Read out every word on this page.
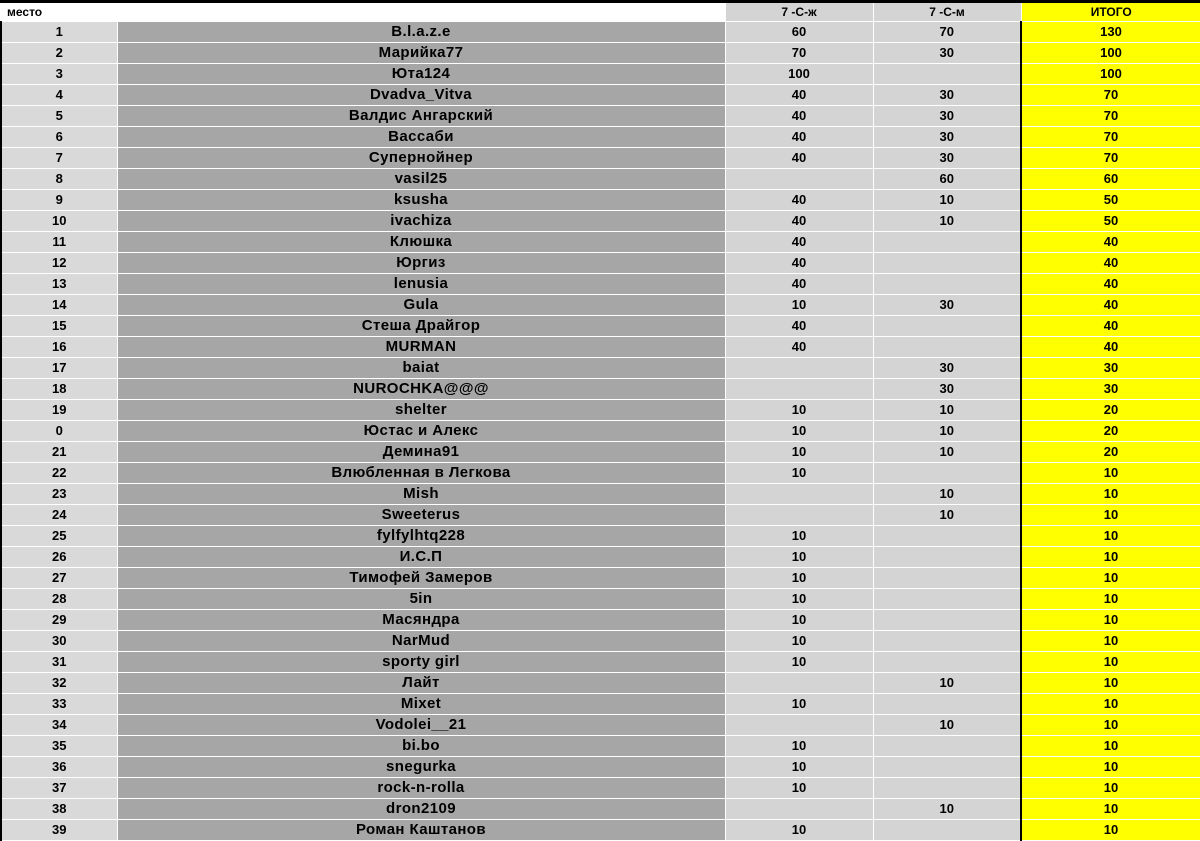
место		7 -С-ж	7 -С-м	ИТОГО
1	B.l.a.z.e	60	70	130
2	Марийка77	70	30	100
3	Юта124	100		100
4	Dvadva_Vitva	40	30	70
5	Валдис Ангарский	40	30	70
6	Вассаби	40	30	70
7	Супернойнер	40	30	70
8	vasil25		60	60
9	ksusha	40	10	50
10	ivachiza	40	10	50
11	Клюшка	40		40
12	Юргиз	40		40
13	lenusia	40		40
14	Gula	10	30	40
15	Стеша Драйгор	40		40
16	MURMAN	40		40
17	baiat		30	30
18	NUROCHKA@@@		30	30
19	shelter	10	10	20
0	Юстас и Алекс	10	10	20
21	Демина91	10	10	20
22	Влюбленная в Легкова	10		10
23	Mish		10	10
24	Sweeterus		10	10
25	fylfylhtq228	10		10
26	И.С.П	10		10
27	Тимофей Замеров	10		10
28	5in	10		10
29	Масяндра	10		10
30	NarMud	10		10
31	sporty girl	10		10
32	Лайт		10	10
33	Mixet	10		10
34	Vodolei__21		10	10
35	bi.bo	10		10
36	snegurka	10		10
37	rock-n-rolla	10		10
38	dron2109		10	10
39	Роман Каштанов	10		10
